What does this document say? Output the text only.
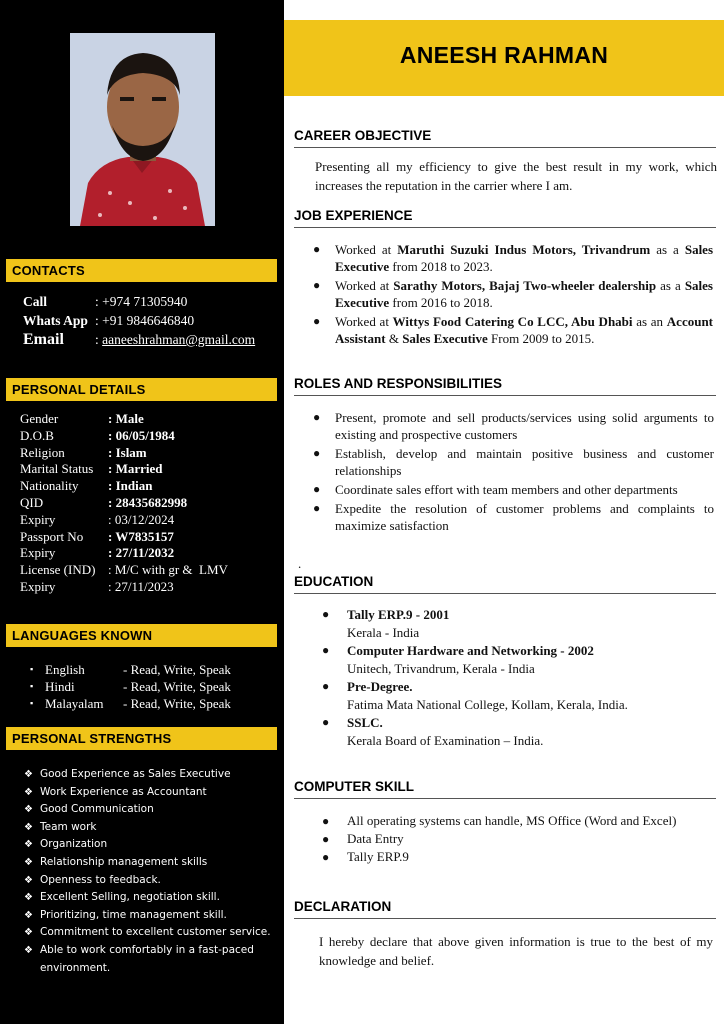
CONTACTS
Call	: +974 71305940
Whats App : +91 9846646840
Email	: aaneeshrahman@gmail.com
PERSONAL DETAILS
Gender	: Male
D.O.B	: 06/05/1984
Religion	: Islam
Marital Status	: Married
Nationality	: Indian
QID	: 28435682998
Expiry	: 03/12/2024
Passport No	: W7835157
Expiry	: 27/11/2032
License (IND) : M/C with gr &  LMV
Expiry	: 27/11/2023
LANGUAGES KNOWN
▪ English	- Read, Write, Speak
▪ Hindi	- Read, Write, Speak
▪ Malayalam	- Read, Write, Speak
PERSONAL STRENGTHS
❖ Good Experience as Sales Executive
❖ Work Experience as Accountant
❖ Good Communication
❖ Team work
❖ Organization
❖ Relationship management skills
❖ Openness to feedback.
❖ Excellent Selling, negotiation skill.
❖ Prioritizing, time management skill.
❖ Commitment to excellent customer service.
❖ Able to work comfortably in a fast-paced environment.
ANEESH RAHMAN
CAREER OBJECTIVE
Presenting all my efficiency to give the best result in my work, which increases the reputation in the carrier where I am.
JOB EXPERIENCE
●	Worked at Maruthi Suzuki Indus Motors, Trivandrum as a Sales Executive from 2018 to 2023.
●	Worked at Sarathy Motors, Bajaj Two-wheeler dealership as a Sales Executive from 2016 to 2018.
●	Worked at Wittys Food Catering Co LCC, Abu Dhabi as an Account Assistant & Sales Executive From 2009 to 2015.
ROLES AND RESPONSIBILITIES
●	Present, promote and sell products/services using solid arguments to existing and prospective customers
●	Establish, develop and maintain positive business and customer relationships
●	Coordinate sales effort with team members and other departments
●	Expedite the resolution of customer problems and complaints to maximize satisfaction
.
EDUCATION
●	Tally ERP.9 - 2001
Kerala - India
●	Computer Hardware and Networking - 2002
Unitech, Trivandrum, Kerala - India
●	Pre-Degree.
Fatima Mata National College, Kollam, Kerala, India.
●	SSLC.
Kerala Board of Examination – India.
COMPUTER SKILL
●	All operating systems can handle, MS Office (Word and Excel)
●	Data Entry
●	Tally ERP.9
DECLARATION
I hereby declare that above given information is true to the best of my knowledge and belief.
